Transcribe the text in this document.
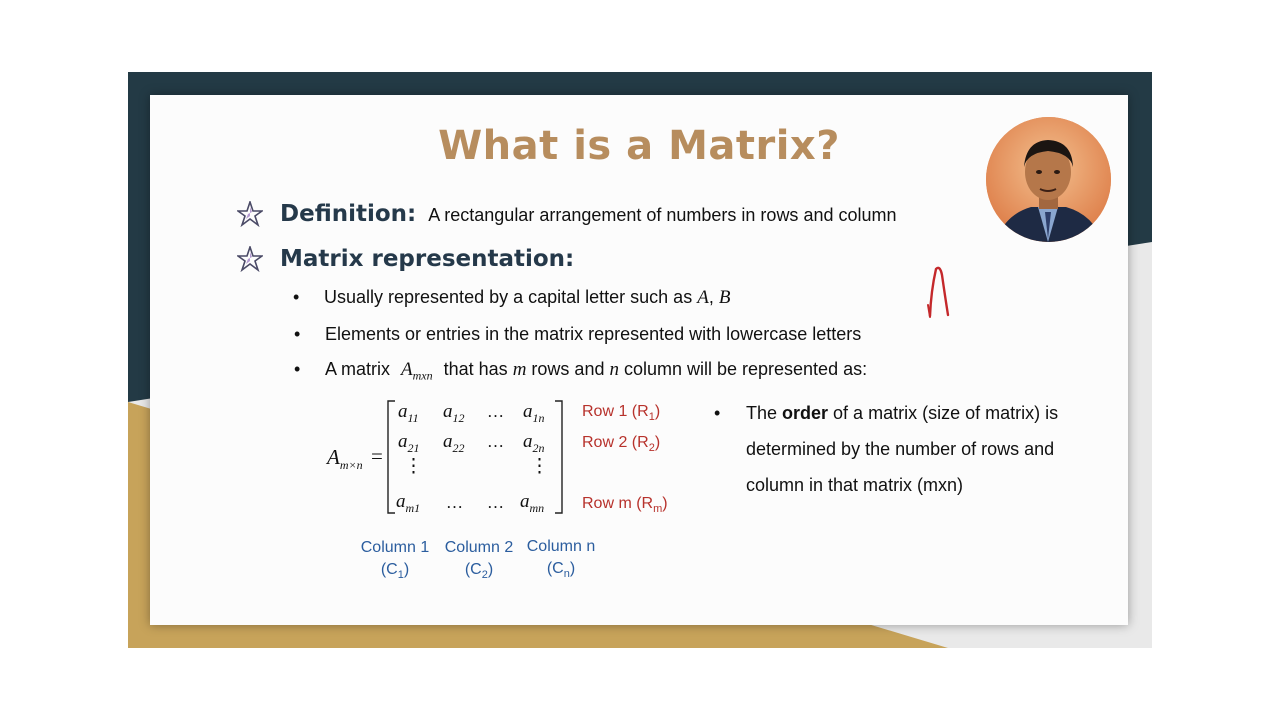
What is a Matrix?
Definition: A rectangular arrangement of numbers in rows and column
Matrix representation:
• Usually represented by a capital letter such as A, B
• Elements or entries in the matrix represented with lowercase letters
• A matrix $A_{mxn}$ that has m rows and n column will be represented as:
$A_{m\times n}$ =
$a_{11}$ $a_{12}$ … $a_{1n}$
$a_{21}$ $a_{22}$ … $a_{2n}$
⋮	⋮
$a_{m1}$ … … $a_{mn}$
Row 1 $(R_1)$
Row 2 $(R_2)$
Row m $(R_m)$
Column 1
$(C_1)$
Column 2
$(C_2)$
Column n
$(C_n)$
• The order of a matrix (size of matrix) is determined by the number of rows and column in that matrix (mxn)
